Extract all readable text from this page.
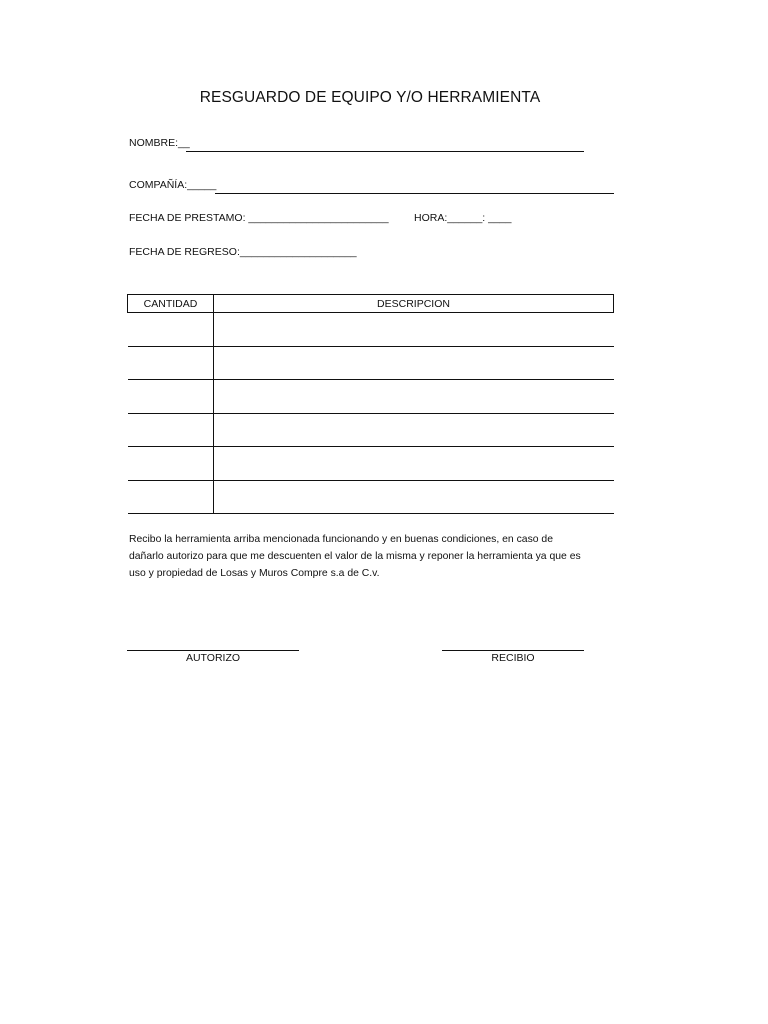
RESGUARDO DE EQUIPO Y/O HERRAMIENTA
NOMBRE:__
COMPAÑÍA:_____
FECHA DE PRESTAMO: ________________________ HORA:______: ____
FECHA DE REGRESO:____________________
CANTIDAD	DESCRIPCION

Recibo la herramienta arriba mencionada funcionando y en buenas condiciones, en caso de dañarlo autorizo para que me descuenten el valor de la misma y reponer la herramienta ya que es uso y propiedad de Losas y Muros Compre s.a de C.v.
AUTORIZO	RECIBIO
